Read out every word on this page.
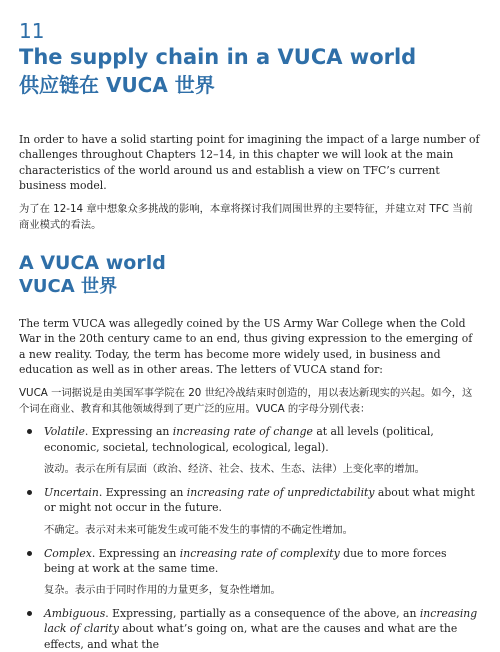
11
The supply chain in a VUCA world
供应链在 VUCA 世界

In order to have a solid starting point for imagining the impact of a large number of challenges throughout Chapters 12–14, in this chapter we will look at the main characteristics of the world around us and establish a view on TFC’s current business model.

为了在 12-14 章中想象众多挑战的影响，本章将探讨我们周围世界的主要特征，并建立对 TFC 当前商业模式的看法。

A VUCA world
VUCA 世界

The term VUCA was allegedly coined by the US Army War College when the Cold War in the 20th century came to an end, thus giving expression to the emerging of a new reality. Today, the term has become more widely used, in business and education as well as in other areas. The letters of VUCA stand for:

VUCA 一词据说是由美国军事学院在 20 世纪冷战结束时创造的，用以表达新现实的兴起。如今，这个词在商业、教育和其他领域得到了更广泛的应用。VUCA 的字母分别代表：

Volatile. Expressing an increasing rate of change at all levels (political, economic, societal, technological, ecological, legal).
波动。表示在所有层面（政治、经济、社会、技术、生态、法律）上变化率的增加。
Uncertain. Expressing an increasing rate of unpredictability about what might or might not occur in the future.
不确定。表示对未来可能发生或可能不发生的事情的不确定性增加。
Complex. Expressing an increasing rate of complexity due to more forces being at work at the same time.
复杂。表示由于同时作用的力量更多，复杂性增加。
Ambiguous. Expressing, partially as a consequence of the above, an increasing lack of clarity about what’s going on, what are the causes and what are the effects, and what the
